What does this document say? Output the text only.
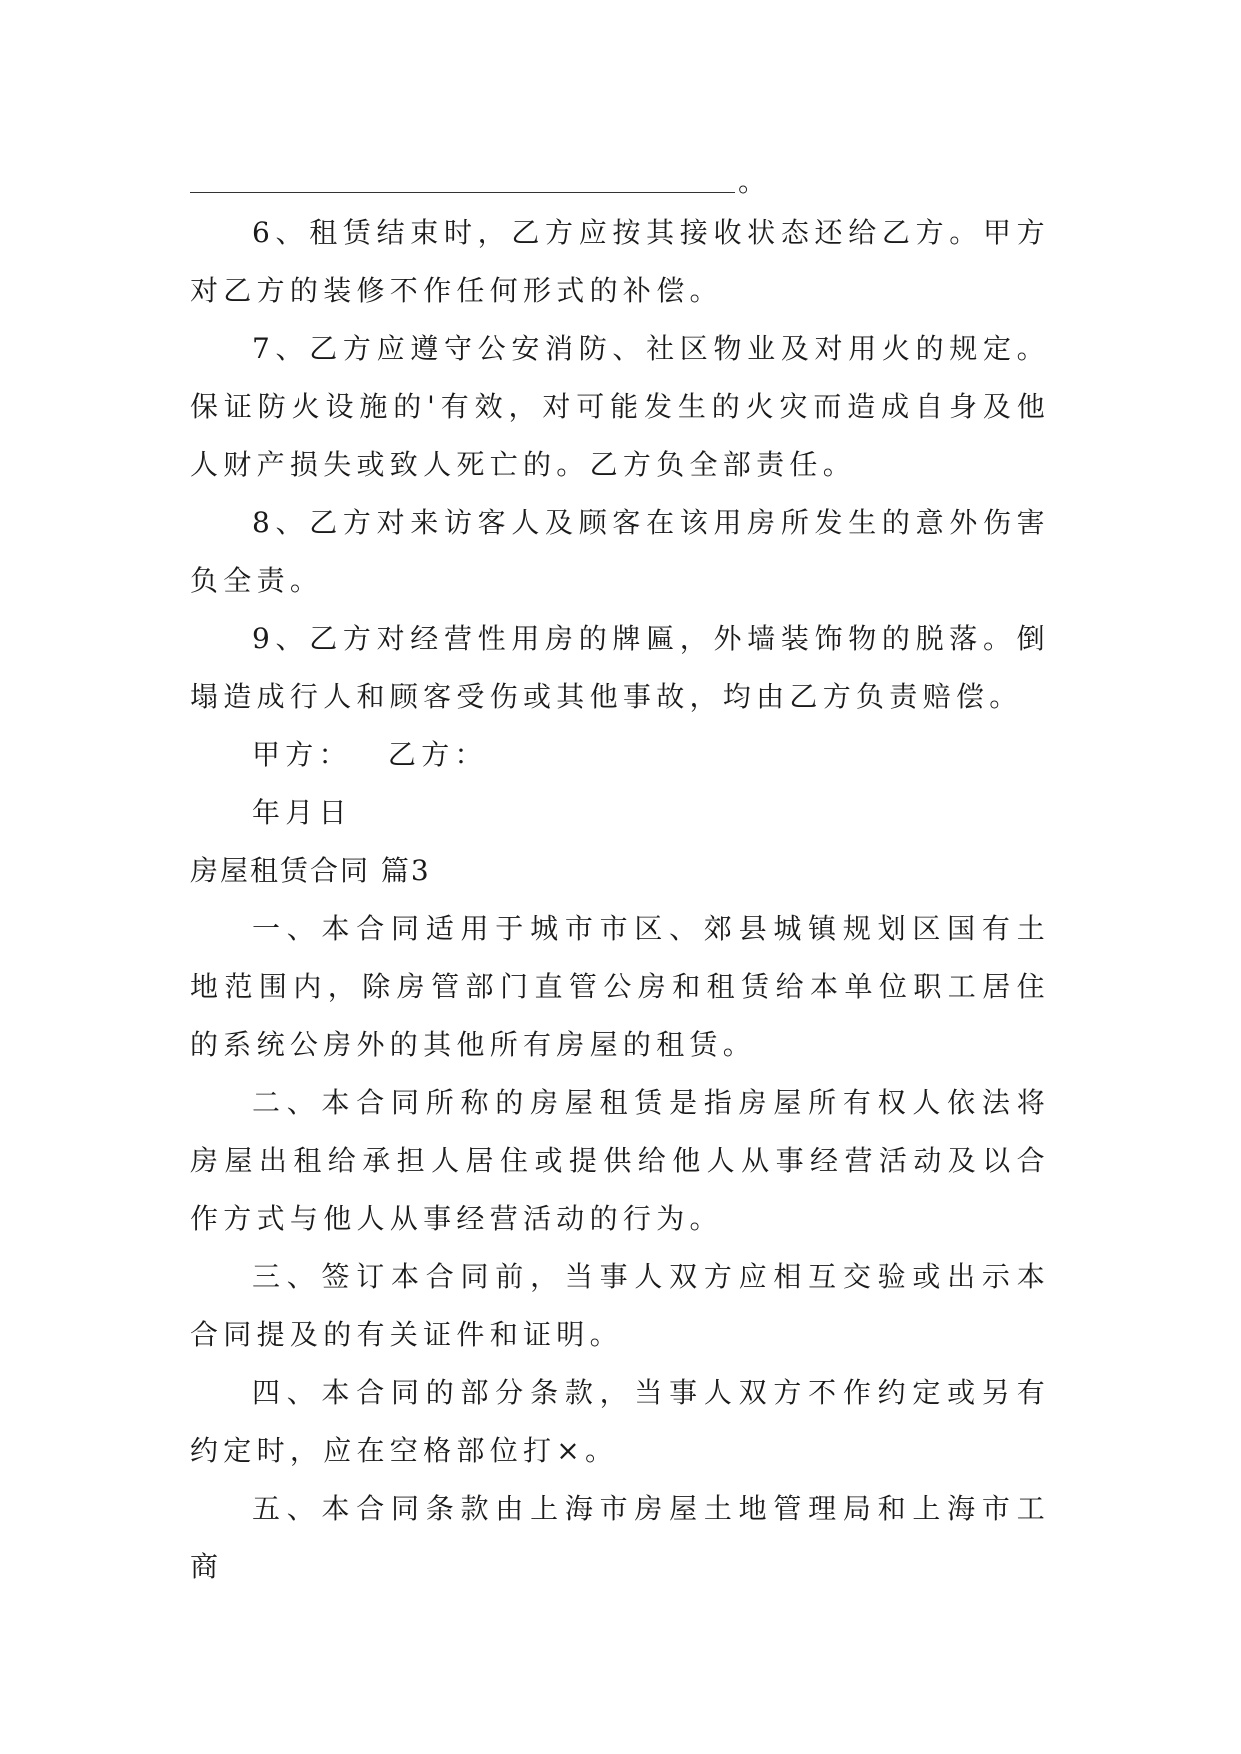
。

6、租赁结束时，乙方应按其接收状态还给乙方。甲方对乙方的装修不作任何形式的补偿。

7、乙方应遵守公安消防、社区物业及对用火的规定。保证防火设施的'有效，对可能发生的火灾而造成自身及他人财产损失或致人死亡的。乙方负全部责任。

8、乙方对来访客人及顾客在该用房所发生的意外伤害负全责。

9、乙方对经营性用房的牌匾，外墙装饰物的脱落。倒塌造成行人和顾客受伤或其他事故，均由乙方负责赔偿。

甲方： 乙方：

年月日

房屋租赁合同 篇3

一、本合同适用于城市市区、郊县城镇规划区国有土地范围内，除房管部门直管公房和租赁给本单位职工居住的系统公房外的其他所有房屋的租赁。

二、本合同所称的房屋租赁是指房屋所有权人依法将房屋出租给承担人居住或提供给他人从事经营活动及以合作方式与他人从事经营活动的行为。

三、签订本合同前，当事人双方应相互交验或出示本合同提及的有关证件和证明。

四、本合同的部分条款，当事人双方不作约定或另有约定时，应在空格部位打×。

五、本合同条款由上海市房屋土地管理局和上海市工商
